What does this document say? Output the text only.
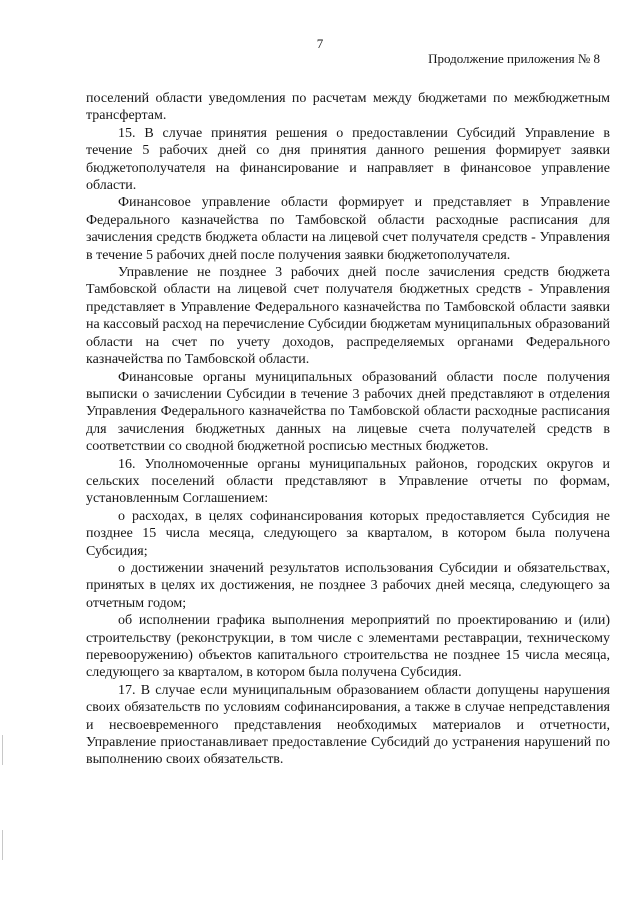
7
Продолжение приложения № 8

поселений области уведомления по расчетам между бюджетами по межбюджетным трансфертам.

15. В случае принятия решения о предоставлении Субсидий Управление в течение 5 рабочих дней со дня принятия данного решения формирует заявки бюджетополучателя на финансирование и направляет в финансовое управление области.

Финансовое управление области формирует и представляет в Управление Федерального казначейства по Тамбовской области расходные расписания для зачисления средств бюджета области на лицевой счет получателя средств - Управления в течение 5 рабочих дней после получения заявки бюджетополучателя.

Управление не позднее 3 рабочих дней после зачисления средств бюджета Тамбовской области на лицевой счет получателя бюджетных средств - Управления представляет в Управление Федерального казначейства по Тамбовской области заявки на кассовый расход на перечисление Субсидии бюджетам муниципальных образований области на счет по учету доходов, распределяемых органами Федерального казначейства по Тамбовской области.

Финансовые органы муниципальных образований области после получения выписки о зачислении Субсидии в течение 3 рабочих дней представляют в отделения Управления Федерального казначейства по Тамбовской области расходные расписания для зачисления бюджетных данных на лицевые счета получателей средств в соответствии со сводной бюджетной росписью местных бюджетов.

16. Уполномоченные органы муниципальных районов, городских округов и сельских поселений области представляют в Управление отчеты по формам, установленным Соглашением:

о расходах, в целях софинансирования которых предоставляется Субсидия не позднее 15 числа месяца, следующего за кварталом, в котором была получена Субсидия;

о достижении значений результатов использования Субсидии и обязательствах, принятых в целях их достижения, не позднее 3 рабочих дней месяца, следующего за отчетным годом;

об исполнении графика выполнения мероприятий по проектированию и (или) строительству (реконструкции, в том числе с элементами реставрации, техническому перевооружению) объектов капитального строительства не позднее 15 числа месяца, следующего за кварталом, в котором была получена Субсидия.

17. В случае если муниципальным образованием области допущены нарушения своих обязательств по условиям софинансирования, а также в случае непредставления и несвоевременного представления необходимых материалов и отчетности, Управление приостанавливает предоставление Субсидий до устранения нарушений по выполнению своих обязательств.
